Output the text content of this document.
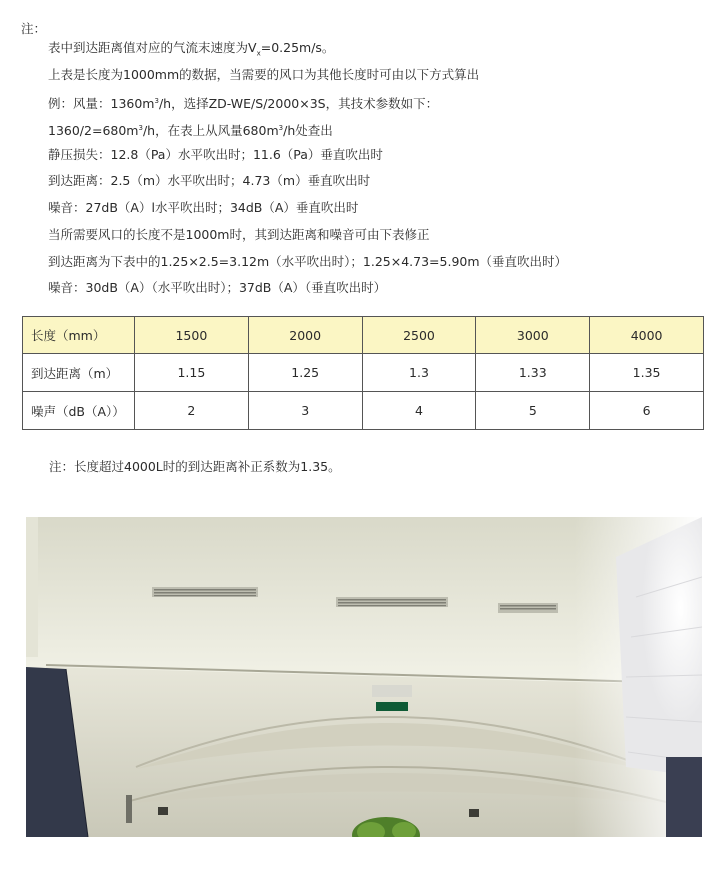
注：
表中到达距离值对应的气流末速度为$V_x=0.25m/s$。
上表是长度为1000mm的数据，当需要的风口为其他长度时可由以下方式算出
例：风量：$1360m^3/h$，选择ZD-WE/S/2000×3S，其技术参数如下：
$1360/2=680m^3/h$，在表上从风量$680m^3/h$处查出
静压损失：12.8（Pa）水平吹出时；11.6（Pa）垂直吹出时
到达距离：2.5（m）水平吹出时；4.73（m）垂直吹出时
噪音：27dB（A）l水平吹出时；34dB（A）垂直吹出时
当所需要风口的长度不是1000m时，其到达距离和噪音可由下表修正
到达距离为下表中的1.25×2.5=3.12m（水平吹出时）；1.25×4.73=5.90m（垂直吹出时）
噪音：30dB（A）（水平吹出时）；37dB（A）（垂直吹出时）
长度（mm）	1500	2000	2500	3000	4000
到达距离（m）	1.15	1.25	1.3	1.33	1.35
噪声（dB（A））	2	3	4	5	6
注：长度超过4000L时的到达距离补正系数为1.35。
